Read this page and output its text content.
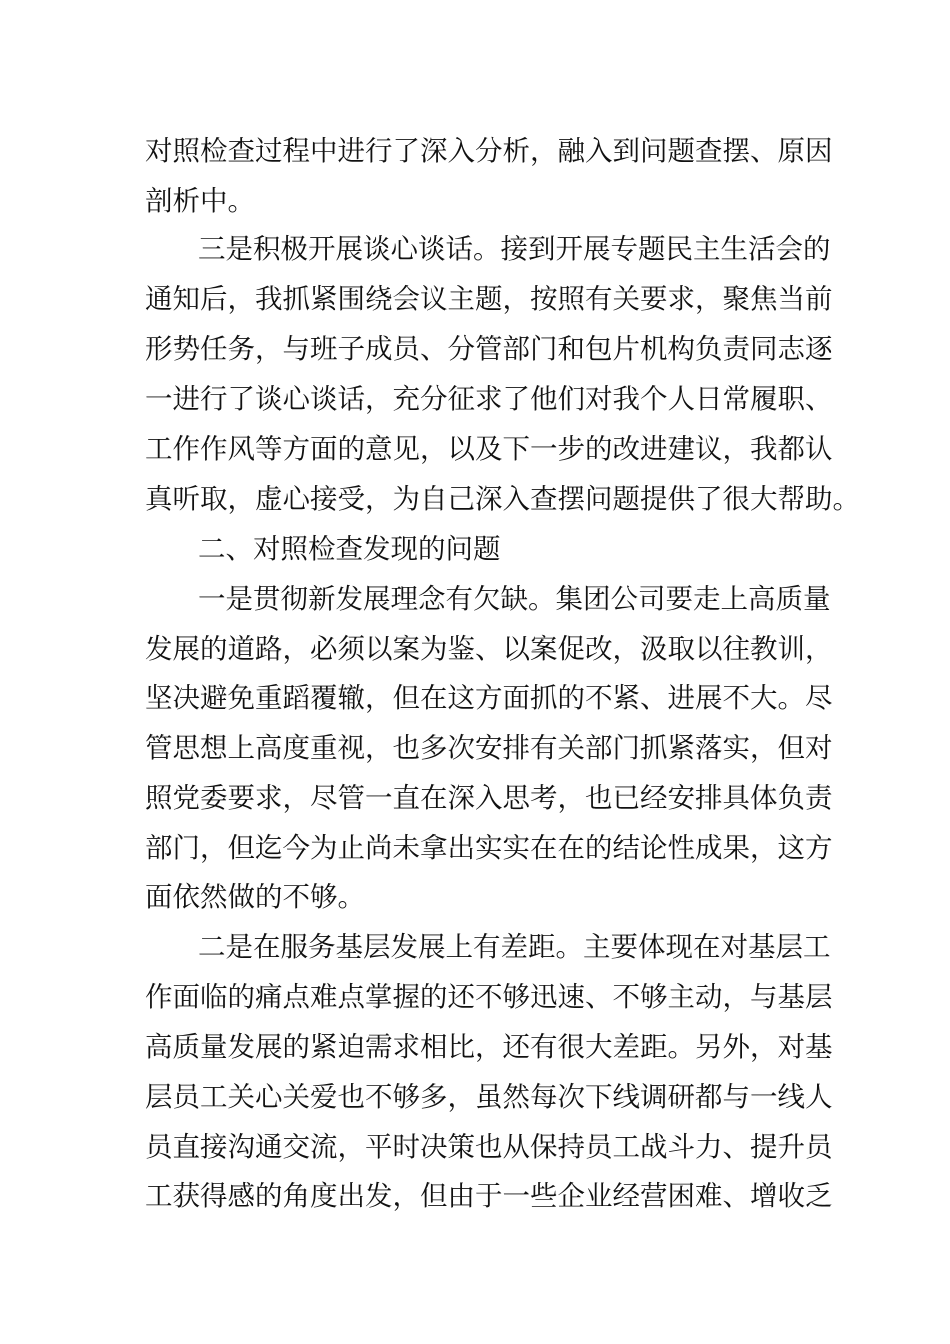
对照检查过程中进行了深入分析，融入到问题查摆、原因
剖析中。
三是积极开展谈心谈话。接到开展专题民主生活会的
通知后，我抓紧围绕会议主题，按照有关要求，聚焦当前
形势任务，与班子成员、分管部门和包片机构负责同志逐
一进行了谈心谈话，充分征求了他们对我个人日常履职、
工作作风等方面的意见，以及下一步的改进建议，我都认
真听取，虚心接受，为自己深入查摆问题提供了很大帮助。
二、对照检查发现的问题
一是贯彻新发展理念有欠缺。集团公司要走上高质量
发展的道路，必须以案为鉴、以案促改，汲取以往教训，
坚决避免重蹈覆辙，但在这方面抓的不紧、进展不大。尽
管思想上高度重视，也多次安排有关部门抓紧落实，但对
照党委要求，尽管一直在深入思考，也已经安排具体负责
部门，但迄今为止尚未拿出实实在在的结论性成果，这方
面依然做的不够。
二是在服务基层发展上有差距。主要体现在对基层工
作面临的痛点难点掌握的还不够迅速、不够主动，与基层
高质量发展的紧迫需求相比，还有很大差距。另外，对基
层员工关心关爱也不够多，虽然每次下线调研都与一线人
员直接沟通交流，平时决策也从保持员工战斗力、提升员
工获得感的角度出发，但由于一些企业经营困难、增收乏
